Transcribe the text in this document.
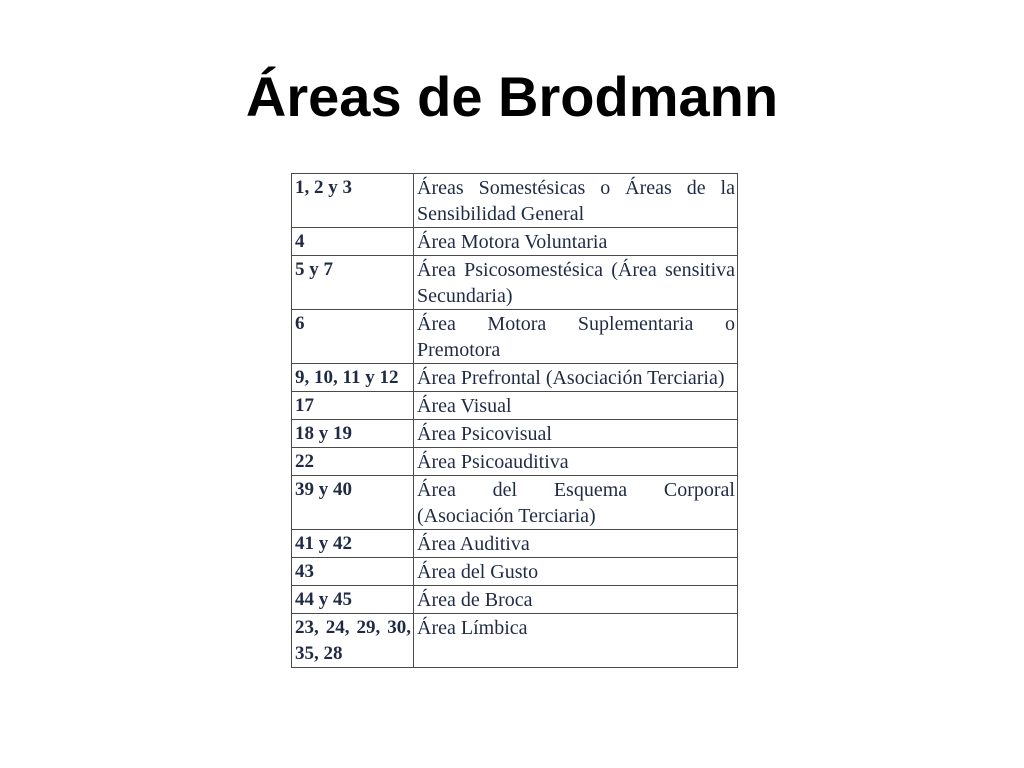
Áreas de Brodmann
1, 2 y 3	Áreas Somestésicas o Áreas de la Sensibilidad General
4	Área Motora Voluntaria
5 y 7	Área Psicosomestésica (Área sensitiva Secundaria)
6	Área Motora Suplementaria o Premotora
9, 10, 11 y 12	Área Prefrontal (Asociación Terciaria)
17	Área Visual
18 y 19	Área Psicovisual
22	Área Psicoauditiva
39 y 40	Área del Esquema Corporal (Asociación Terciaria)
41 y 42	Área Auditiva
43	Área del Gusto
44 y 45	Área de Broca
23, 24, 29, 30, 35, 28	Área Límbica
